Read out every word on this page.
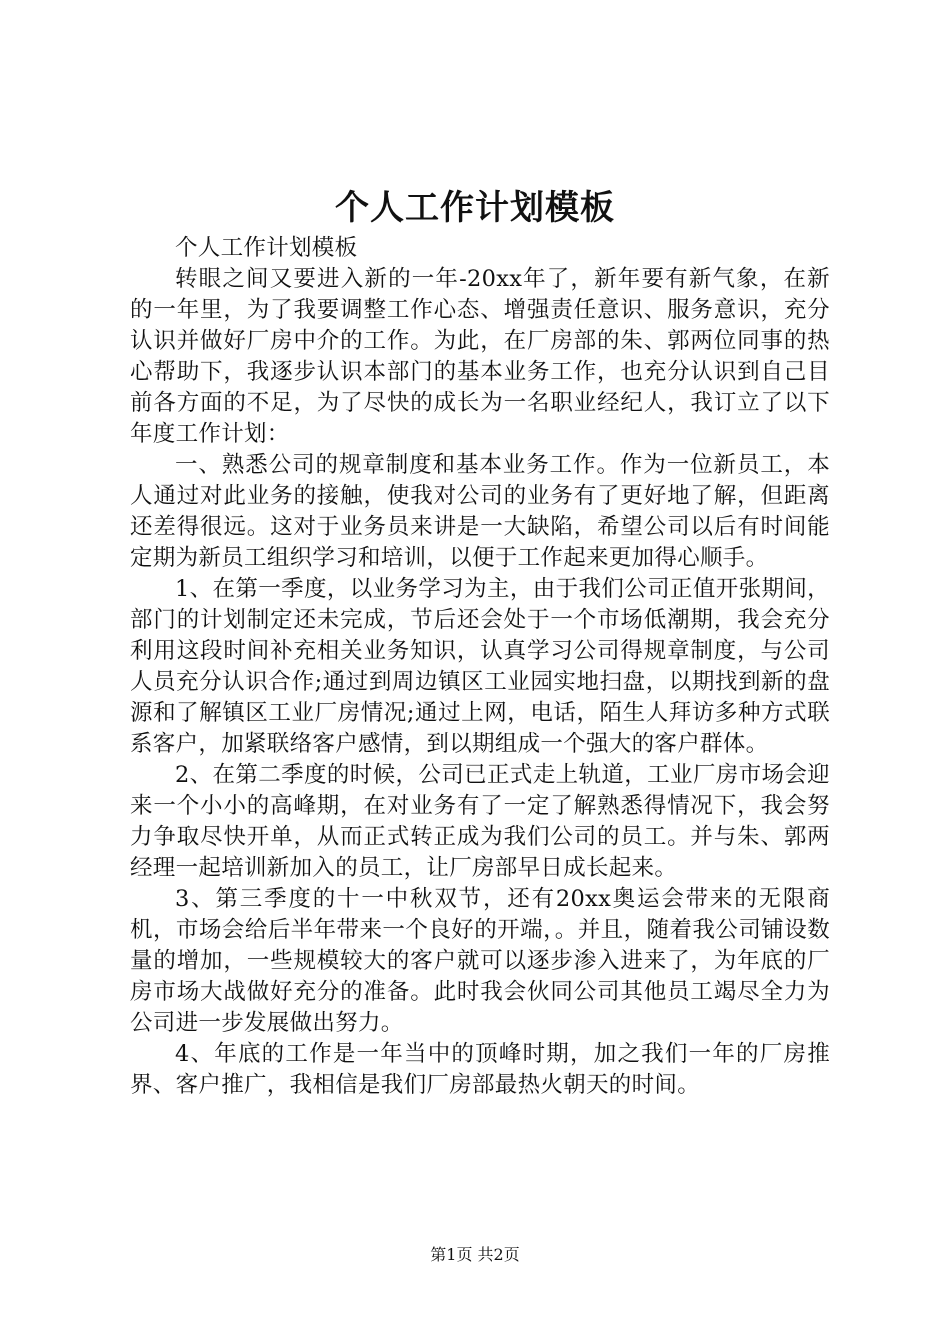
个人工作计划模板

个人工作计划模板

转眼之间又要进入新的一年-20xx年了，新年要有新气象，在新的一年里，为了我要调整工作心态、增强责任意识、服务意识，充分认识并做好厂房中介的工作。为此，在厂房部的朱、郭两位同事的热心帮助下，我逐步认识本部门的基本业务工作，也充分认识到自己目前各方面的不足，为了尽快的成长为一名职业经纪人，我订立了以下年度工作计划：

一、熟悉公司的规章制度和基本业务工作。作为一位新员工，本人通过对此业务的接触，使我对公司的业务有了更好地了解，但距离还差得很远。这对于业务员来讲是一大缺陷，希望公司以后有时间能定期为新员工组织学习和培训，以便于工作起来更加得心顺手。

1、在第一季度，以业务学习为主，由于我们公司正值开张期间，部门的计划制定还未完成，节后还会处于一个市场低潮期，我会充分利用这段时间补充相关业务知识，认真学习公司得规章制度，与公司人员充分认识合作;通过到周边镇区工业园实地扫盘，以期找到新的盘源和了解镇区工业厂房情况;通过上网，电话，陌生人拜访多种方式联系客户，加紧联络客户感情，到以期组成一个强大的客户群体。

2、在第二季度的时候，公司已正式走上轨道，工业厂房市场会迎来一个小小的高峰期，在对业务有了一定了解熟悉得情况下，我会努力争取尽快开单，从而正式转正成为我们公司的员工。并与朱、郭两经理一起培训新加入的员工，让厂房部早日成长起来。

3、第三季度的十一中秋双节，还有20xx奥运会带来的无限商机，市场会给后半年带来一个良好的开端，。并且，随着我公司铺设数量的增加，一些规模较大的客户就可以逐步渗入进来了，为年底的厂房市场大战做好充分的准备。此时我会伙同公司其他员工竭尽全力为公司进一步发展做出努力。

4、年底的工作是一年当中的顶峰时期，加之我们一年的厂房推界、客户推广，我相信是我们厂房部最热火朝天的时间。

第1页 共2页
